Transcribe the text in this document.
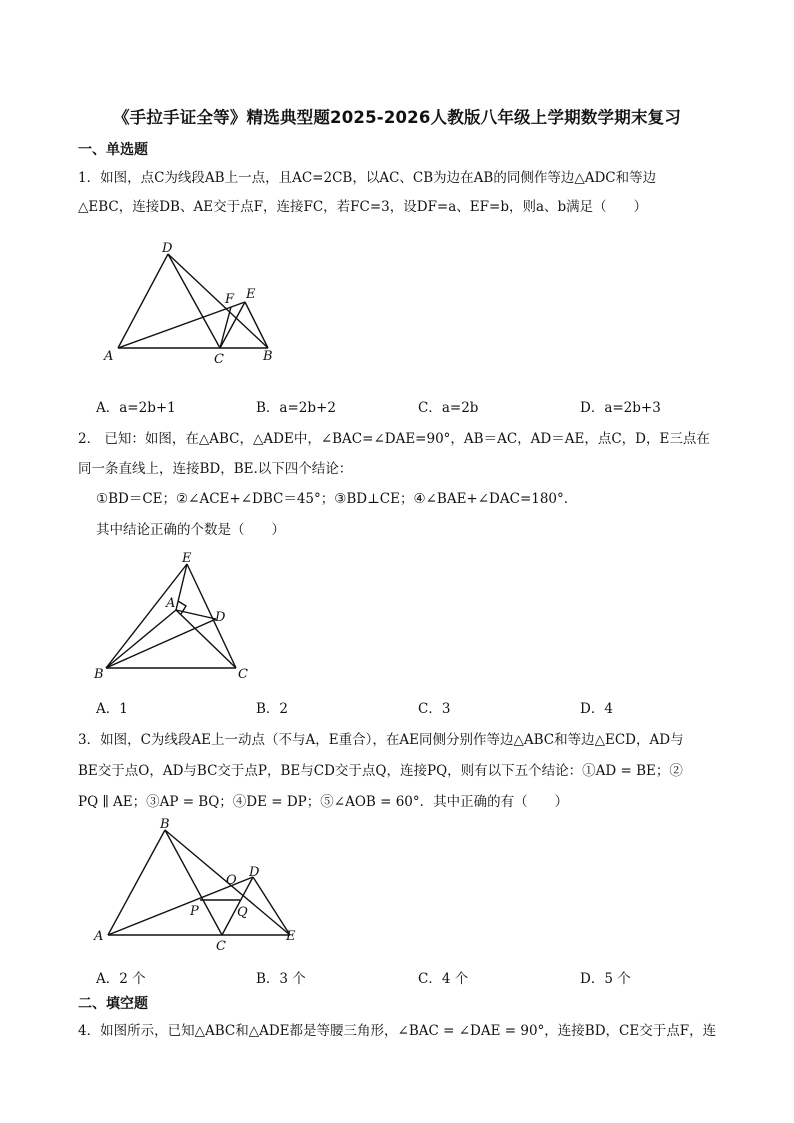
《手拉手证全等》精选典型题2025-2026人教版八年级上学期数学期末复习
一、单选题
1．如图，点C为线段AB上一点，且AC=2CB，以AC、CB为边在AB的同侧作等边△ADC和等边
△EBC，连接DB、AE交于点F，连接FC，若FC=3，设DF=a、EF=b，则a、b满足（　　）
A
D
C	B
F E
A．a=2b+1	B．a=2b+2	C．a=2b	D．a=2b+3
2． 已知：如图，在△ABC，△ADE中，∠BAC=∠DAE=90°，AB＝AC，AD＝AE，点C，D，E三点在
同一条直线上，连接BD，BE.以下四个结论：
①BD＝CE；②∠ACE+∠DBC＝45°；③BD⊥CE；④∠BAE+∠DAC=180°.
其中结论正确的个数是（　　）
E
A
D
B	C
A．1	B．2	C．3	D．4
3．如图，C为线段AE上一动点（不与A，E重合），在AE同侧分别作等边△ABC和等边△ECD，AD与
BE交于点O，AD与BC交于点P，BE与CD交于点Q，连接PQ，则有以下五个结论：①AD = BE；②
PQ ∥ AE；③AP = BQ；④DE = DP；⑤∠AOB = 60°．其中正确的有（　　）
A
B
C
D
E
O
P	Q
A．2 个	B．3 个	C．4 个	D．5 个
二、填空题
4．如图所示，已知△ABC和△ADE都是等腰三角形，∠BAC = ∠DAE = 90°，连接BD，CE交于点F，连
